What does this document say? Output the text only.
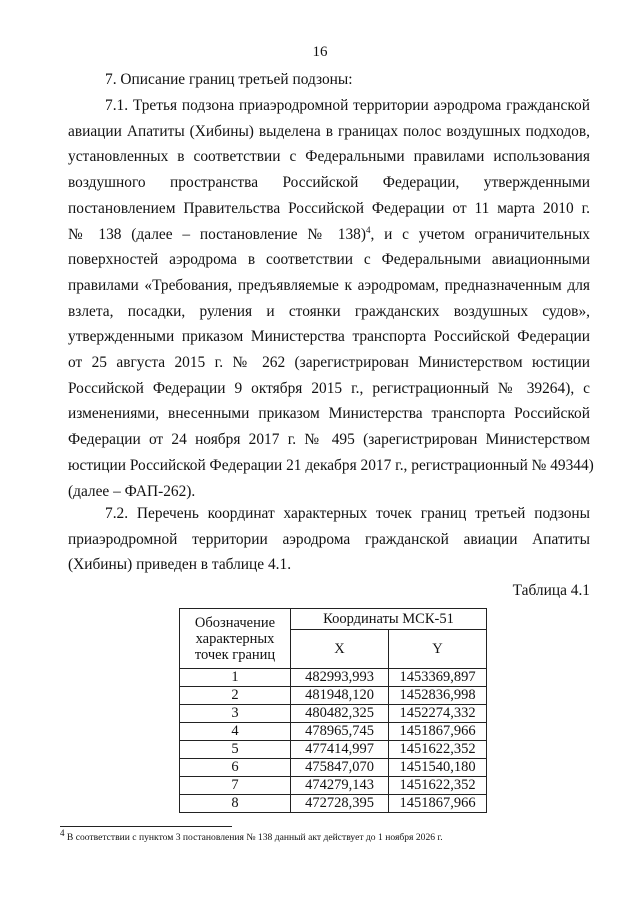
16
7. Описание границ третьей подзоны:
7.1. Третья подзона приаэродромной территории аэродрома гражданской
авиации Апатиты (Хибины) выделена в границах полос воздушных подходов,
установленных в соответствии с Федеральными правилами использования
воздушного пространства Российской Федерации, утвержденными
постановлением Правительства Российской Федерации от 11 марта 2010 г.
№ 138 (далее – постановление № 138)$^4$, и с учетом ограничительных
поверхностей аэродрома в соответствии с Федеральными авиационными
правилами «Требования, предъявляемые к аэродромам, предназначенным для
взлета, посадки, руления и стоянки гражданских воздушных судов»,
утвержденными приказом Министерства транспорта Российской Федерации
от 25 августа 2015 г. № 262 (зарегистрирован Министерством юстиции
Российской Федерации 9 октября 2015 г., регистрационный № 39264), с
изменениями, внесенными приказом Министерства транспорта Российской
Федерации от 24 ноября 2017 г. № 495 (зарегистрирован Министерством
юстиции Российской Федерации 21 декабря 2017 г., регистрационный № 49344)
(далее – ФАП-262).
7.2. Перечень координат характерных точек границ третьей подзоны
приаэродромной территории аэродрома гражданской авиации Апатиты
(Хибины) приведен в таблице 4.1.
Таблица 4.1
Обозначение
характерных
точек границ	Координаты МСК-51	
	X	Y
1	482993,993	1453369,897
2	481948,120	1452836,998
3	480482,325	1452274,332
4	478965,745	1451867,966
5	477414,997	1451622,352
6	475847,070	1451540,180
7	474279,143	1451622,352
8	472728,395	1451867,966
$^4$ В соответствии с пунктом 3 постановления № 138 данный акт действует до 1 ноября 2026 г.
